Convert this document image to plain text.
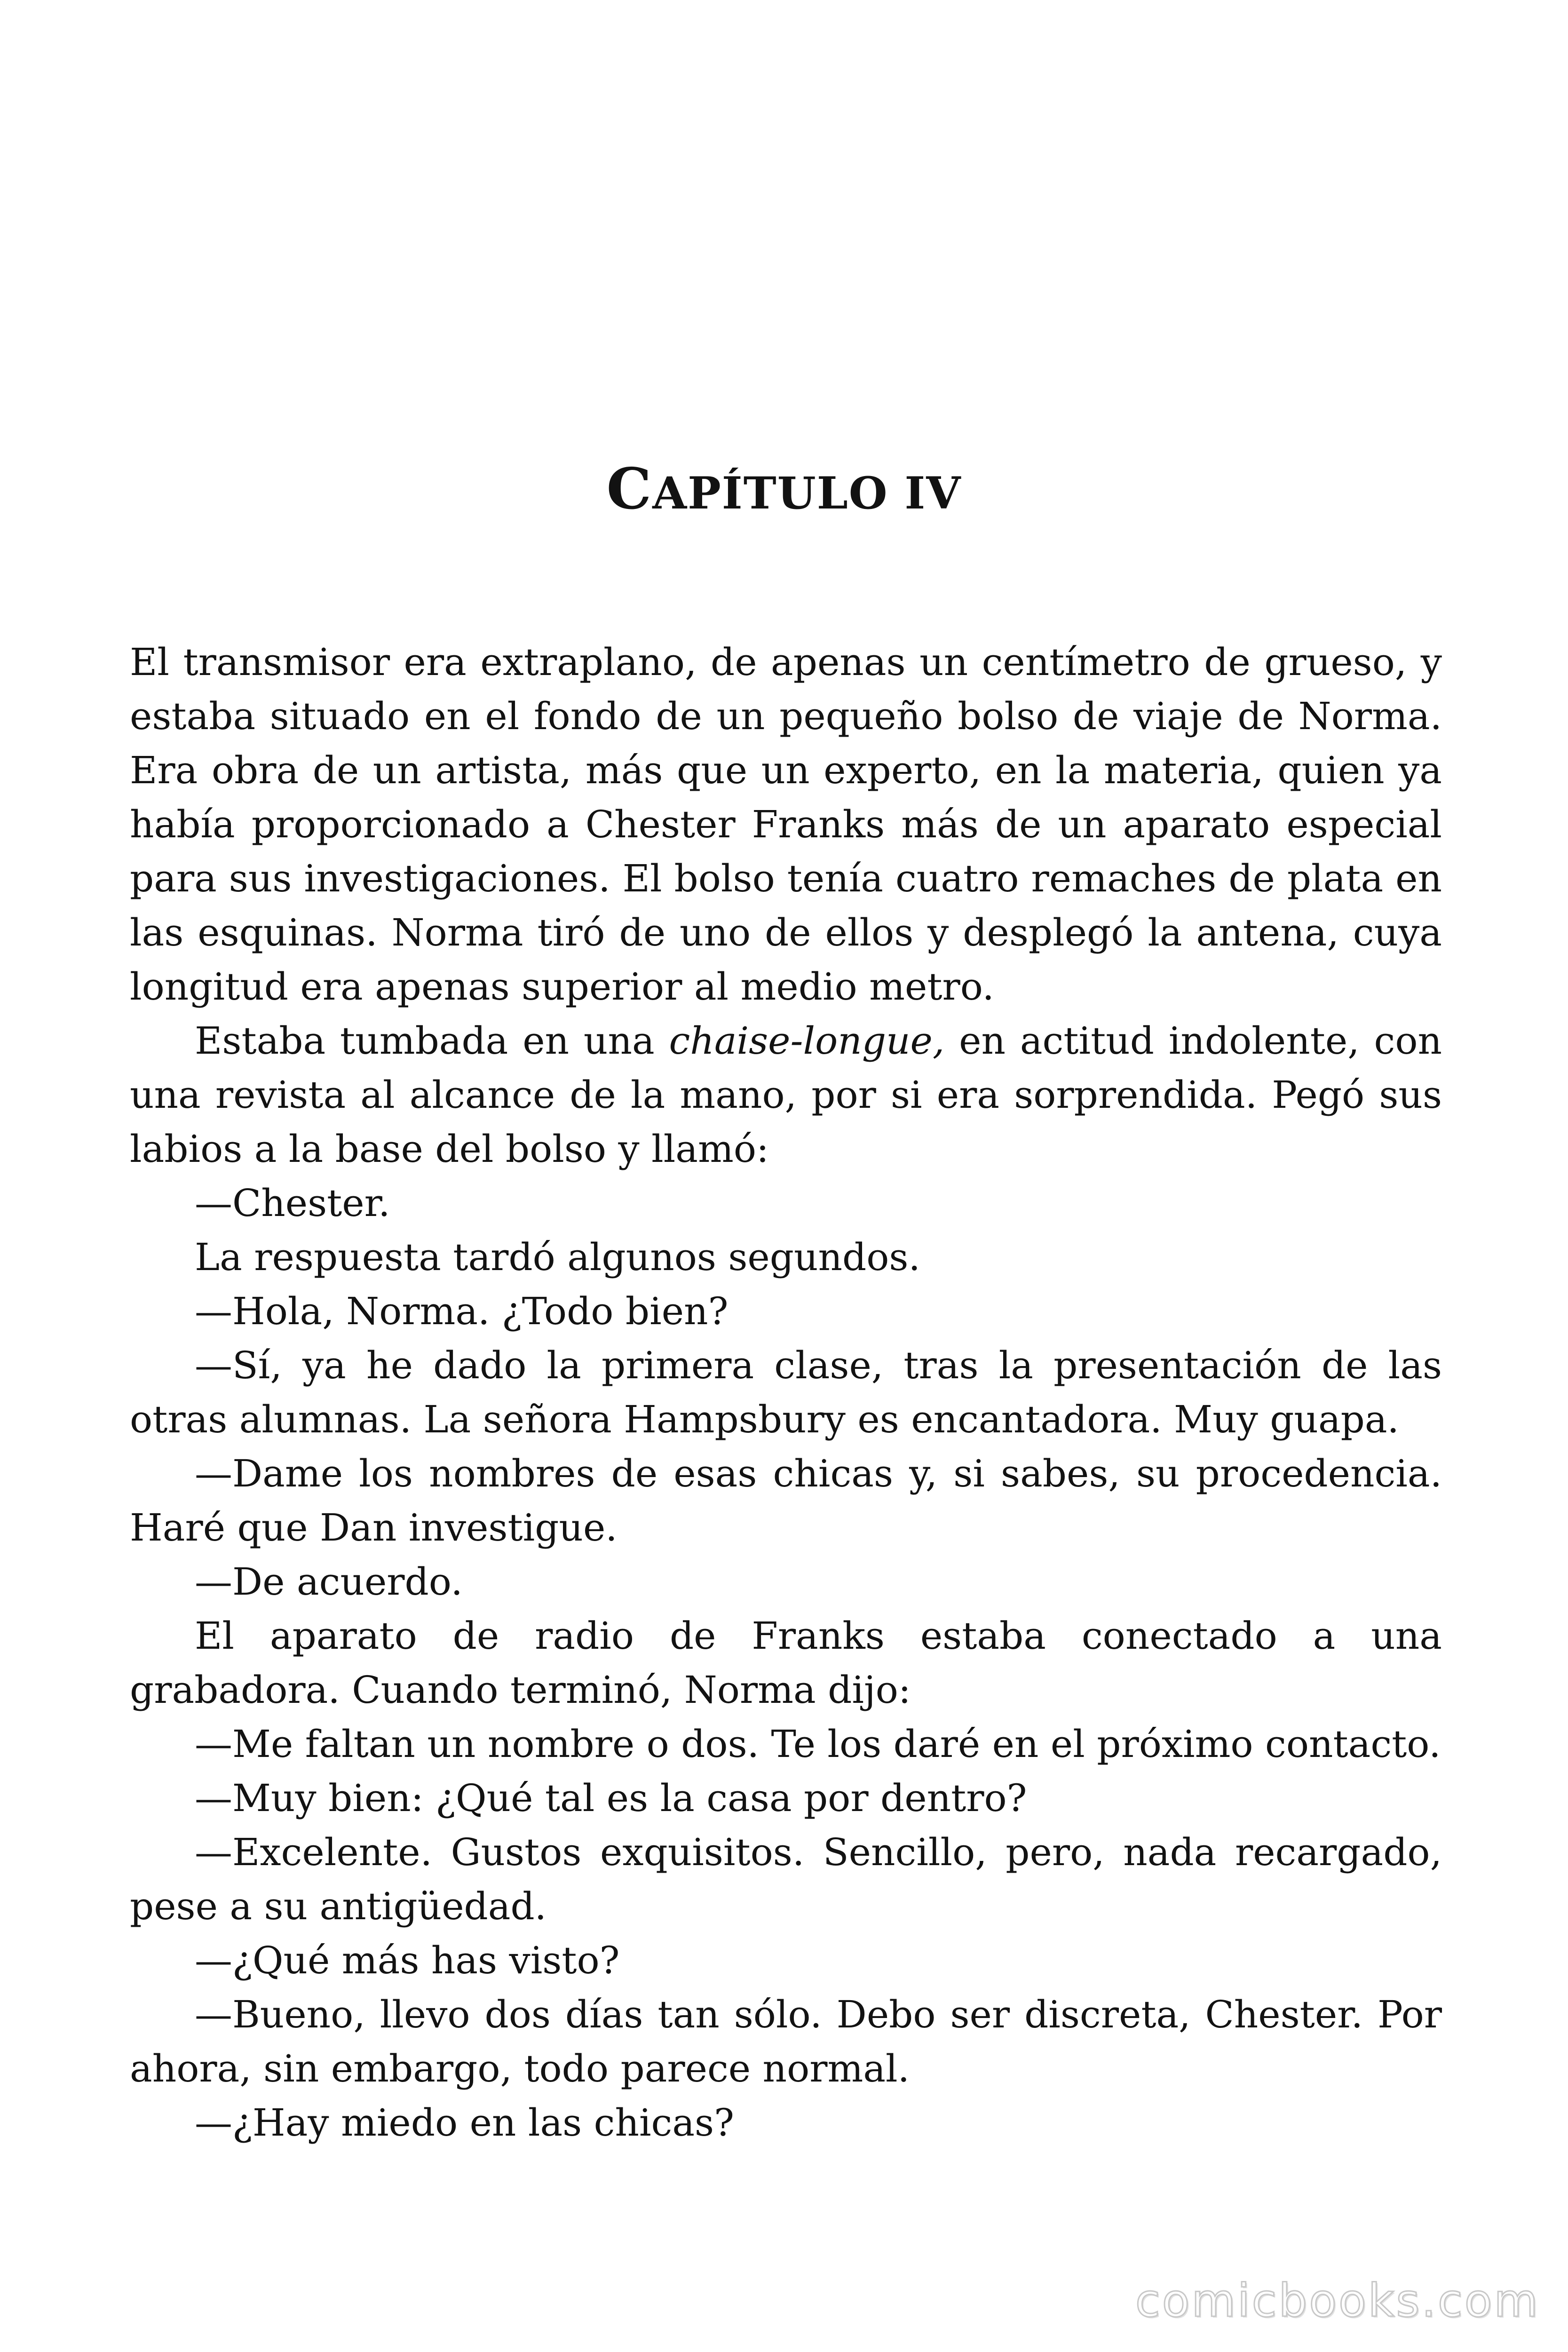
CAPÍTULO IV

El transmisor era extraplano, de apenas un centímetro de grueso, y estaba situado en el fondo de un pequeño bolso de viaje de Norma. Era obra de un artista, más que un experto, en la materia, quien ya había proporcionado a Chester Franks más de un aparato especial para sus investigaciones. El bolso tenía cuatro remaches de plata en las esquinas. Norma tiró de uno de ellos y desplegó la antena, cuya longitud era apenas superior al medio metro.

Estaba tumbada en una chaise-longue, en actitud indolente, con una revista al alcance de la mano, por si era sorprendida. Pegó sus labios a la base del bolso y llamó:

—Chester.

La respuesta tardó algunos segundos.

—Hola, Norma. ¿Todo bien?

—Sí, ya he dado la primera clase, tras la presentación de las otras alumnas. La señora Hampsbury es encantadora. Muy guapa.

—Dame los nombres de esas chicas y, si sabes, su procedencia. Haré que Dan investigue.

—De acuerdo.

El aparato de radio de Franks estaba conectado a una grabadora. Cuando terminó, Norma dijo:

—Me faltan un nombre o dos. Te los daré en el próximo contacto.

—Muy bien: ¿Qué tal es la casa por dentro?

—Excelente. Gustos exquisitos. Sencillo, pero, nada recargado, pese a su antigüedad.

—¿Qué más has visto?

—Bueno, llevo dos días tan sólo. Debo ser discreta, Chester. Por ahora, sin embargo, todo parece normal.

—¿Hay miedo en las chicas?

comicbooks.com
